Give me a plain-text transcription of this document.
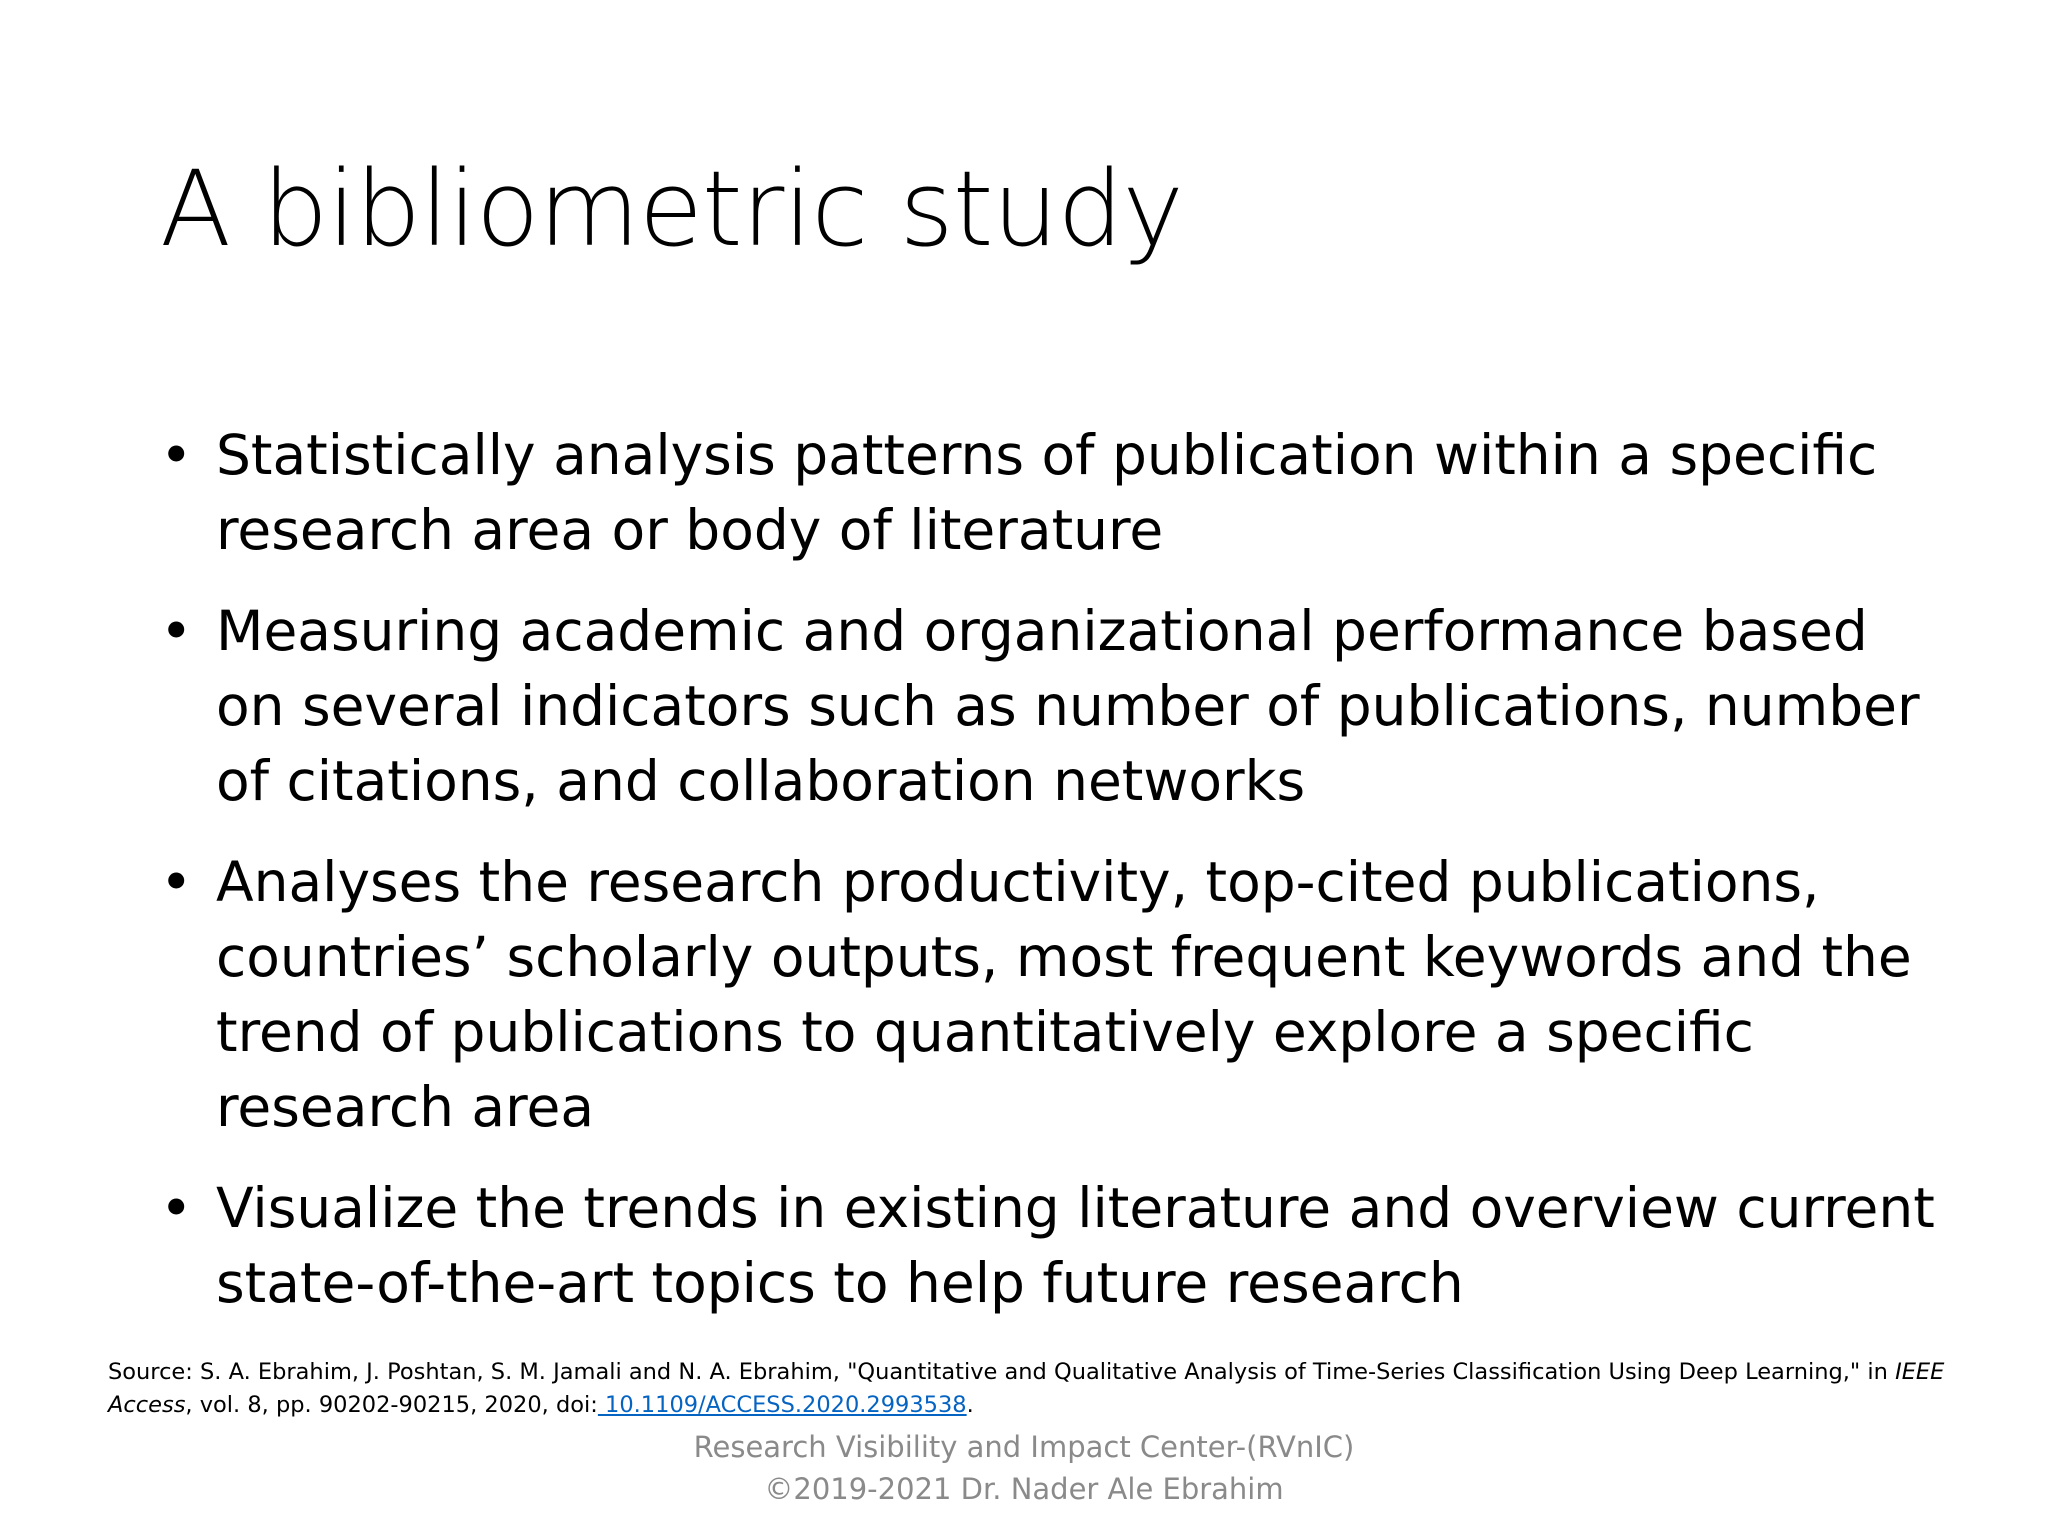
A bibliometric study
• Statistically analysis patterns of publication within a specific research area or body of literature
• Measuring academic and organizational performance based on several indicators such as number of publications, number of citations, and collaboration networks
• Analyses the research productivity, top-cited publications, countries’ scholarly outputs, most frequent keywords and the trend of publications to quantitatively explore a specific research area
• Visualize the trends in existing literature and overview current state-of-the-art topics to help future research

Source: S. A. Ebrahim, J. Poshtan, S. M. Jamali and N. A. Ebrahim, "Quantitative and Qualitative Analysis of Time-Series Classification Using Deep Learning," in IEEE Access, vol. 8, pp. 90202-90215, 2020, doi: 10.1109/ACCESS.2020.2993538.

Research Visibility and Impact Center-(RVnIC)
©2019-2021 Dr. Nader Ale Ebrahim
